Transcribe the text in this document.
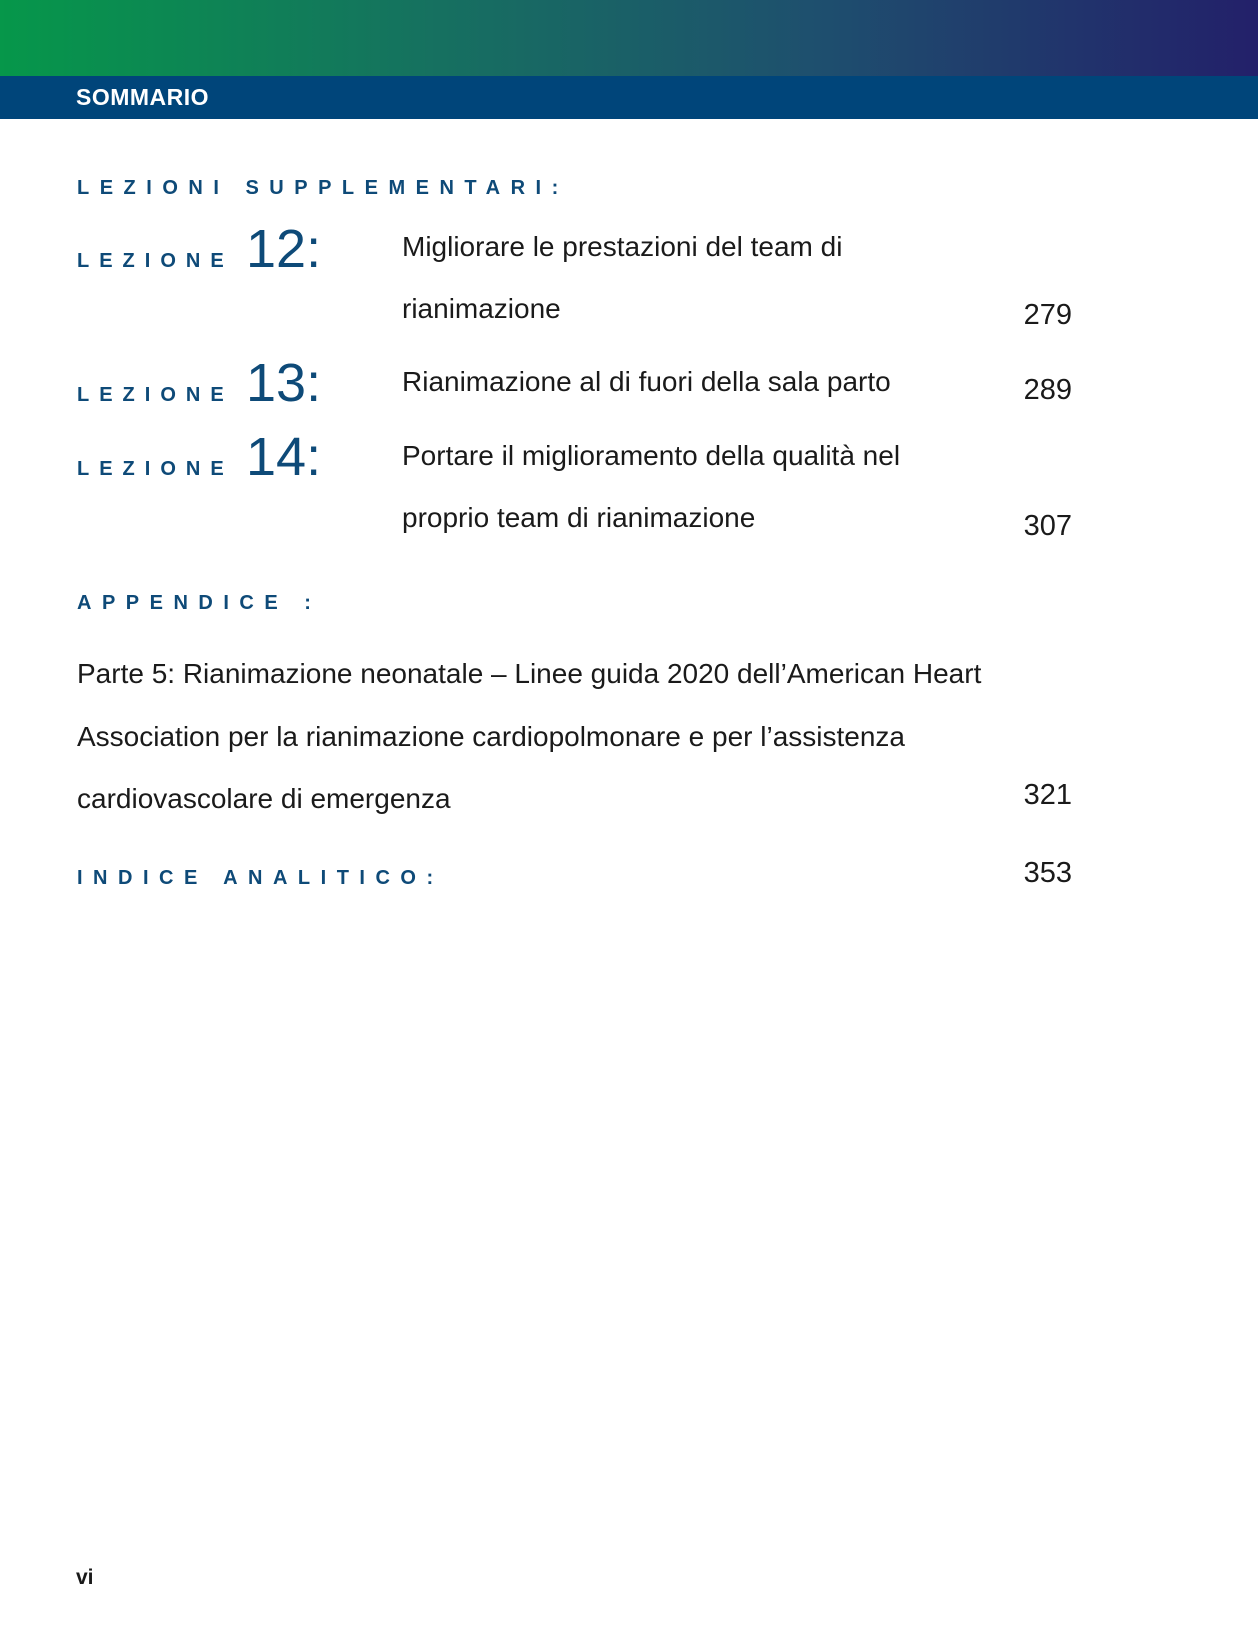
SOMMARIO
LEZIONI SUPPLEMENTARI:
LEZIONE 12:	Migliorare le prestazioni del team di rianimazione	279
LEZIONE 13:	Rianimazione al di fuori della sala parto	289
LEZIONE 14:	Portare il miglioramento della qualità nel proprio team di rianimazione	307
APPENDICE :
Parte 5: Rianimazione neonatale – Linee guida 2020 dell’American Heart Association per la rianimazione cardiopolmonare e per l’assistenza cardiovascolare di emergenza	321
INDICE ANALITICO:	353
vi
